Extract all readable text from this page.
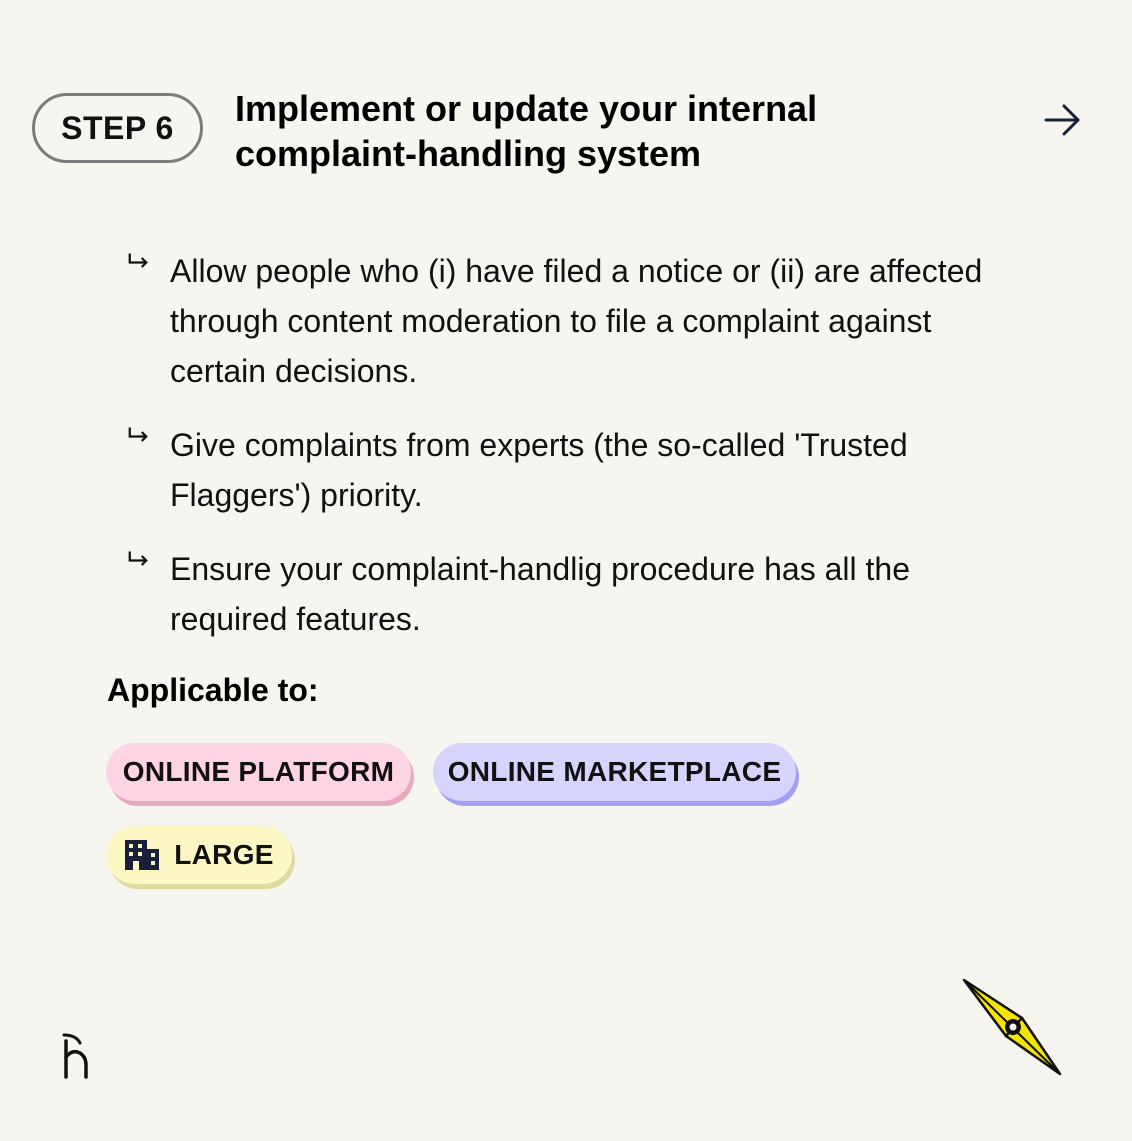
STEP 6 Implement or update your internal complaint-handling system
Allow people who (i) have filed a notice or (ii) are affected through content moderation to file a complaint against certain decisions.
Give complaints from experts (the so-called 'Trusted Flaggers') priority.
Ensure your complaint-handlig procedure has all the required features.
Applicable to:
ONLINE PLATFORM ONLINE MARKETPLACE
LARGE
